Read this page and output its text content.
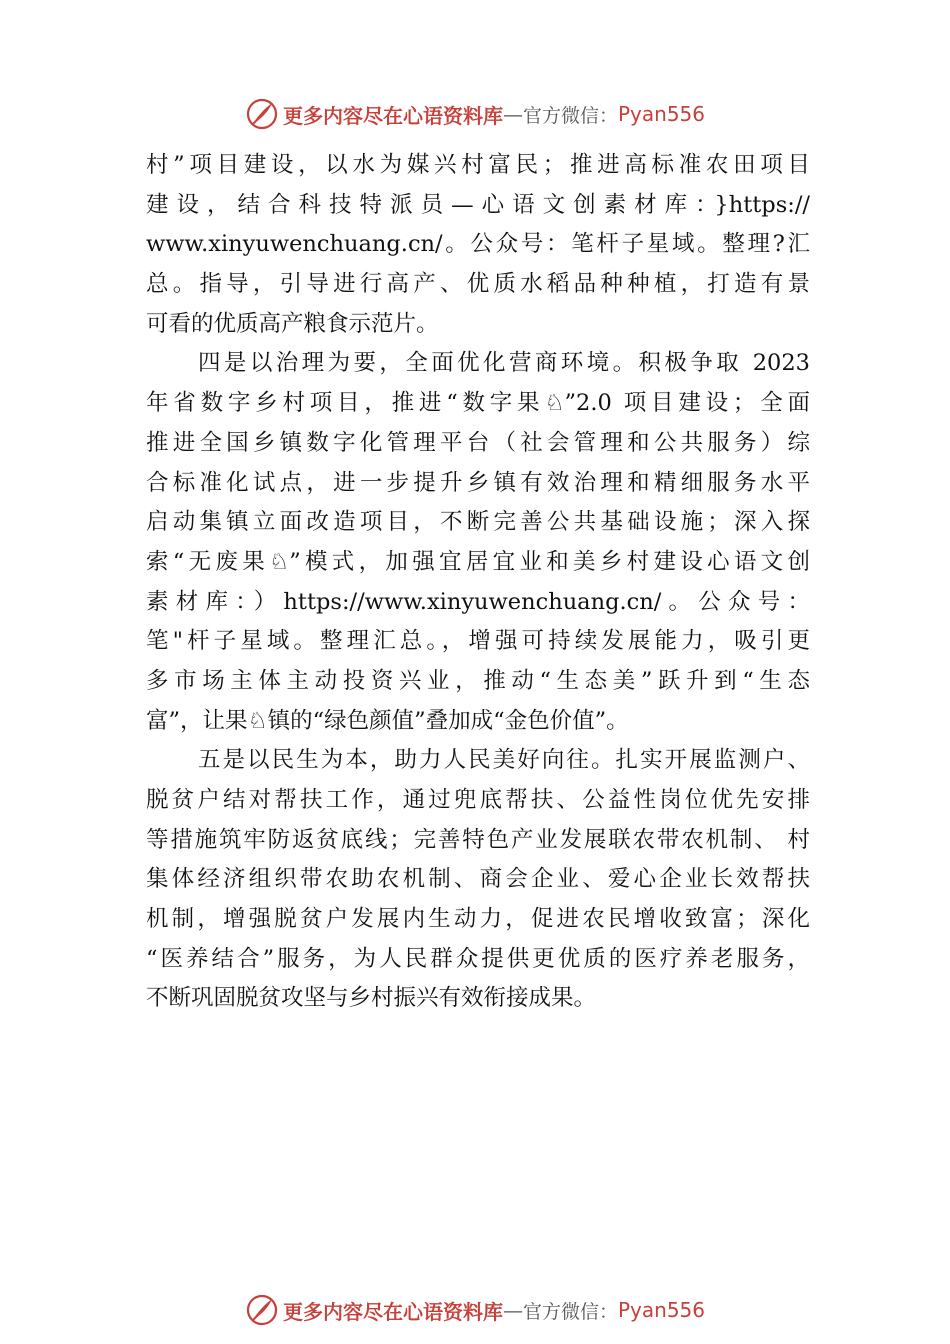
更多内容尽在心语资料库 — 官方微信： Pyan556
村”项目建设，以水为媒兴村富民；推进高标准农田项目
建设，结合科技特派员—心语文创素材库：}https://
www.xinyuwenchuang.cn/。公众号：笔杆子星域。整理?汇
总。指导，引导进行高产、优质水稻品种种植，打造有景
可看的优质高产粮食示范片。
四是以治理为要，全面优化营商环境。积极争取 2023
年省数字乡村项目，推进“数字果♘”2.0 项目建设；全面
推进全国乡镇数字化管理平台（社会管理和公共服务）综
合标准化试点，进一步提升乡镇有效治理和精细服务水平
启动集镇立面改造项目，不断完善公共基础设施；深入探
索“无废果♘”模式，加强宜居宜业和美乡村建设心语文创
素材库：）https://www.xinyuwenchuang.cn/。公众号：
笔"杆子星域。整理汇总。，增强可持续发展能力，吸引更
多市场主体主动投资兴业，推动“生态美”跃升到“生态
富”，让果♘镇的“绿色颜值”叠加成“金色价值”。
五是以民生为本，助力人民美好向往。扎实开展监测户、
脱贫户结对帮扶工作，通过兜底帮扶、公益性岗位优先安排
等措施筑牢防返贫底线；完善特色产业发展联农带农机制、 村
集体经济组织带农助农机制、商会企业、爱心企业长效帮扶
机制，增强脱贫户发展内生动力，促进农民增收致富；深化
“医养结合”服务，为人民群众提供更优质的医疗养老服务，
不断巩固脱贫攻坚与乡村振兴有效衔接成果。
更多内容尽在心语资料库 — 官方微信： Pyan556
